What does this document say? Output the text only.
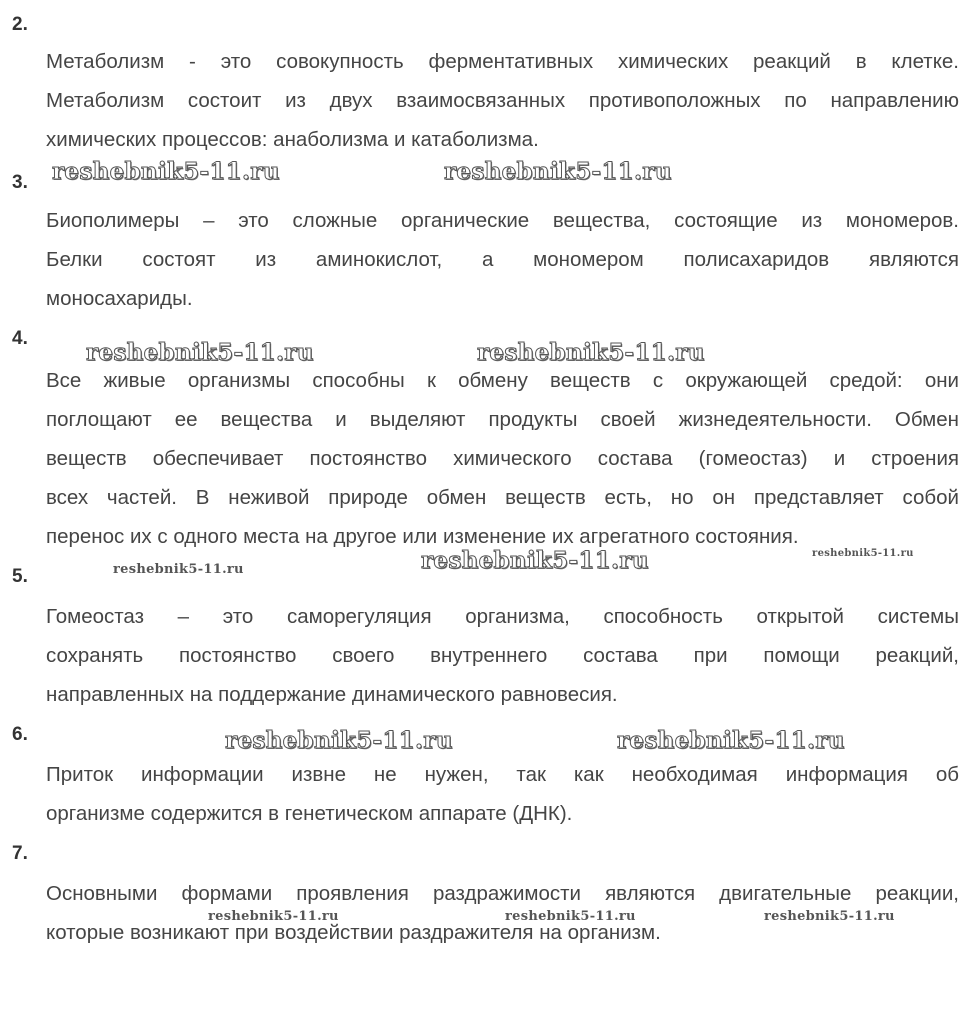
2.
Метаболизм - это совокупность ферментативных химических реакций в клетке.
Метаболизм состоит из двух взаимосвязанных противоположных по направлению
химических процессов: анаболизма и катаболизма.
3.
Биополимеры – это сложные органические вещества, состоящие из мономеров.
Белки состоят из аминокислот, а мономером полисахаридов являются
моносахариды.
4.
Все живые организмы способны к обмену веществ с окружающей средой: они
поглощают ее вещества и выделяют продукты своей жизнедеятельности. Обмен
веществ обеспечивает постоянство химического состава (гомеостаз) и строения
всех частей. В неживой природе обмен веществ есть, но он представляет собой
перенос их с одного места на другое или изменение их агрегатного состояния.
5.
Гомеостаз – это саморегуляция организма, способность открытой системы
сохранять постоянство своего внутреннего состава при помощи реакций,
направленных на поддержание динамического равновесия.
6.
Приток информации извне не нужен, так как необходимая информация об
организме содержится в генетическом аппарате (ДНК).
7.
Основными формами проявления раздражимости являются двигательные реакции,
которые возникают при воздействии раздражителя на организм.
reshebnik5-11.ru	reshebnik5-11.ru
reshebnik5-11.ru	reshebnik5-11.ru
reshebnik5-11.ru	reshebnik5-11.ru	reshebnik5-11.ru
reshebnik5-11.ru	reshebnik5-11.ru
reshebnik5-11.ru	reshebnik5-11.ru	reshebnik5-11.ru
